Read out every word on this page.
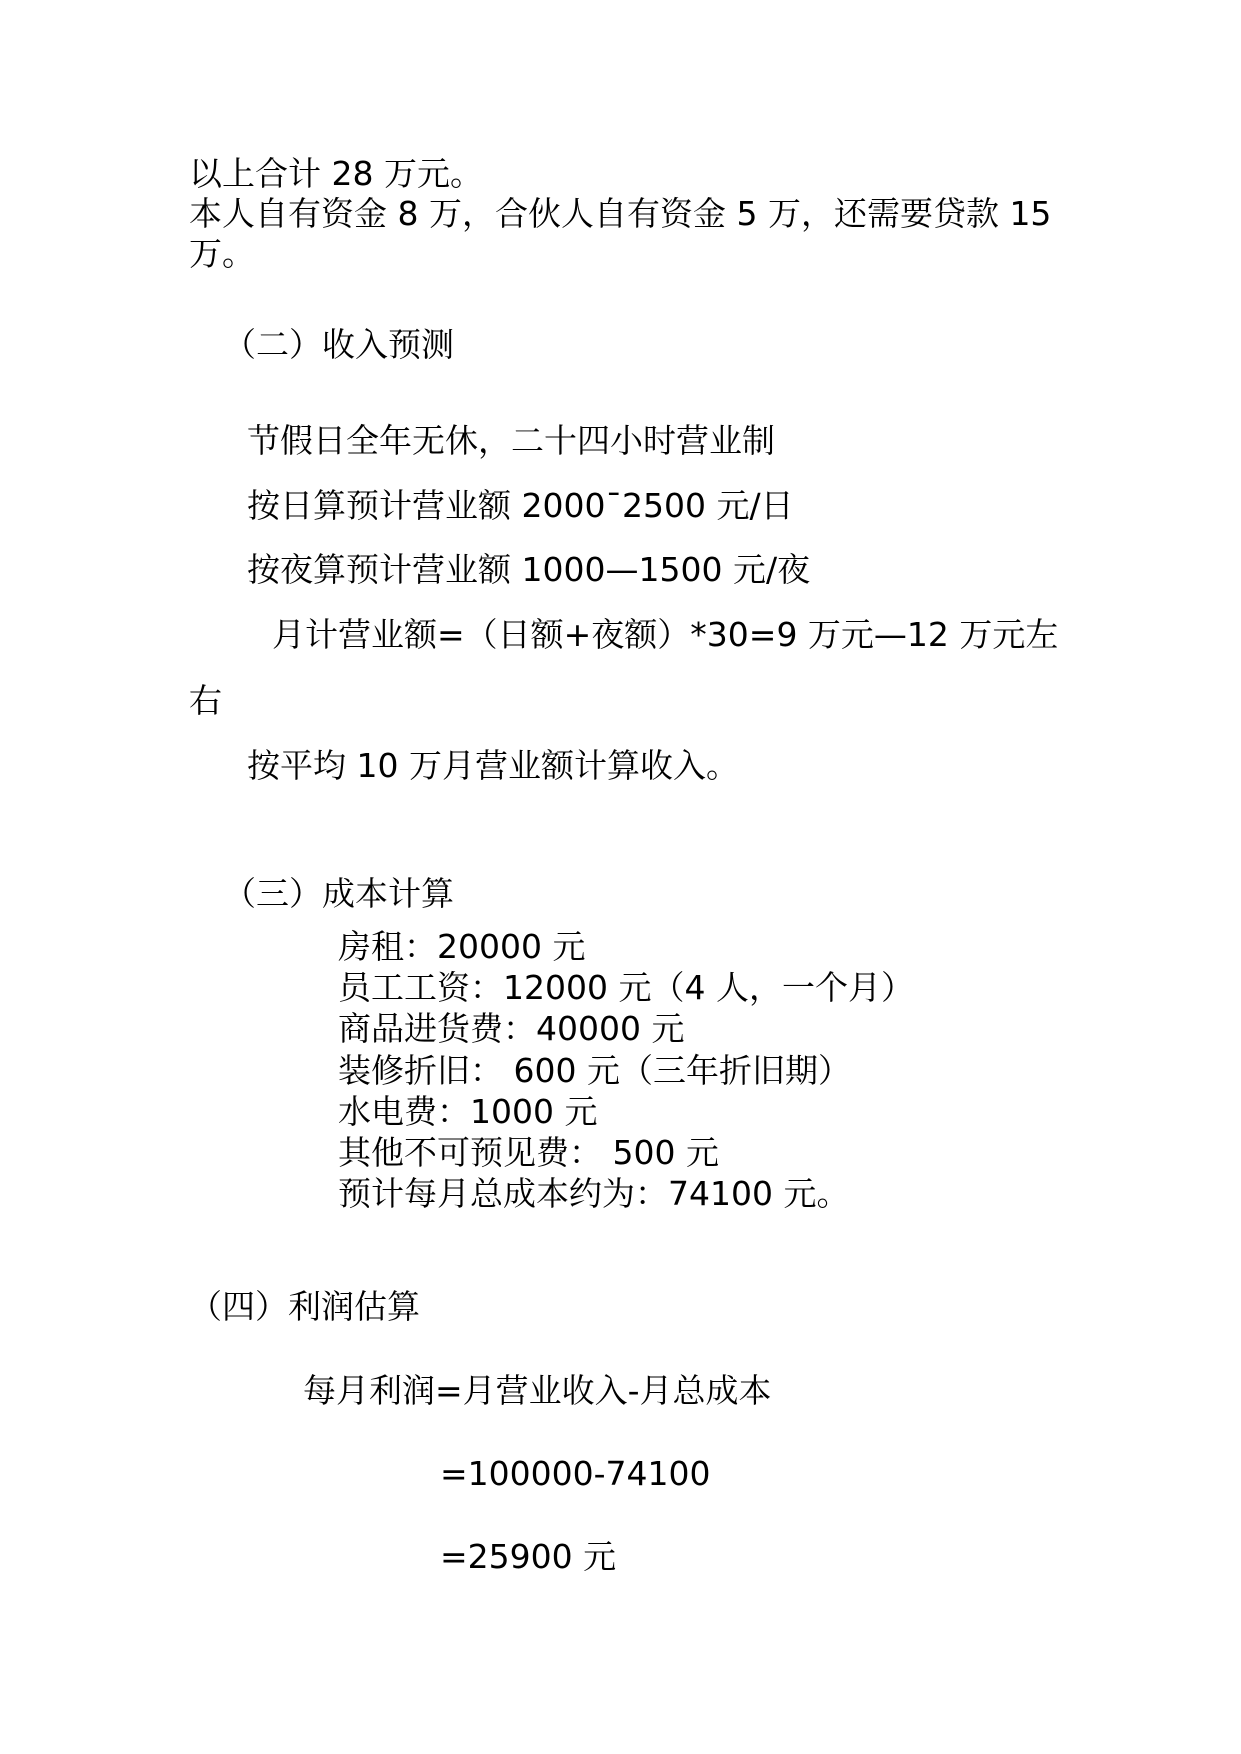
以上合计 28 万元。
本人自有资金 8 万，合伙人自有资金 5 万，还需要贷款 15
万。
（二）收入预测
节假日全年无休，二十四小时营业制
按日算预计营业额 2000¯2500 元/日
按夜算预计营业额 1000—1500 元/夜
月计营业额=（日额+夜额）*30=9 万元—12 万元左
右
按平均 10 万月营业额计算收入。
（三）成本计算
房租：20000 元
员工工资：12000 元（4 人，一个月）
商品进货费：40000 元
装修折旧： 600 元（三年折旧期）
水电费：1000 元
其他不可预见费： 500 元
预计每月总成本约为：74100 元。
（四）利润估算
每月利润=月营业收入-月总成本
=100000-74100
=25900 元
